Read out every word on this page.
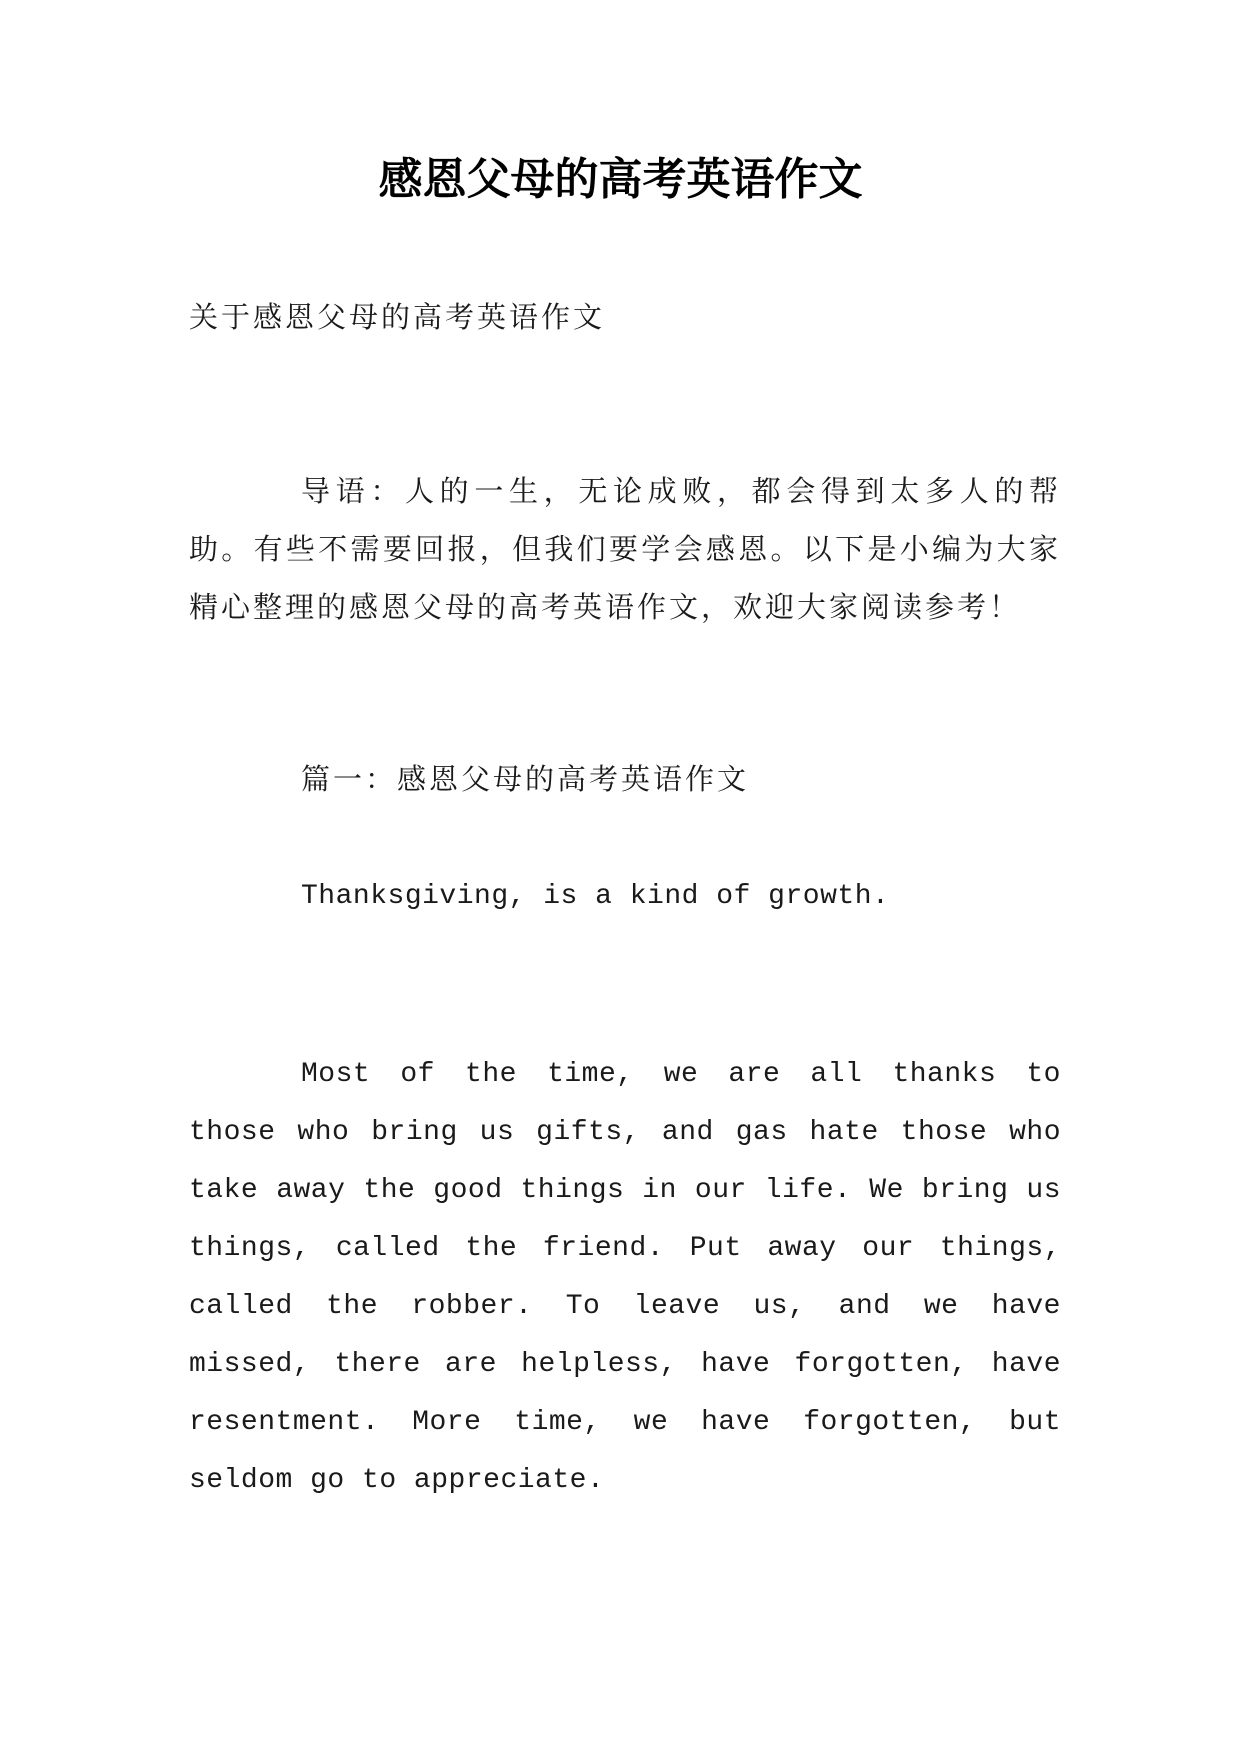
感恩父母的高考英语作文

关于感恩父母的高考英语作文

导语：人的一生，无论成败，都会得到太多人的帮助。有些不需要回报，但我们要学会感恩。以下是小编为大家精心整理的感恩父母的高考英语作文，欢迎大家阅读参考！

篇一：感恩父母的高考英语作文

Thanksgiving, is a kind of growth.

Most of the time, we are all thanks to those who bring us gifts, and gas hate those who take away the good things in our life. We bring us things, called the friend. Put away our things, called the robber. To leave us, and we have missed, there are helpless, have forgotten, have resentment. More time, we have forgotten, but seldom go to appreciate.
